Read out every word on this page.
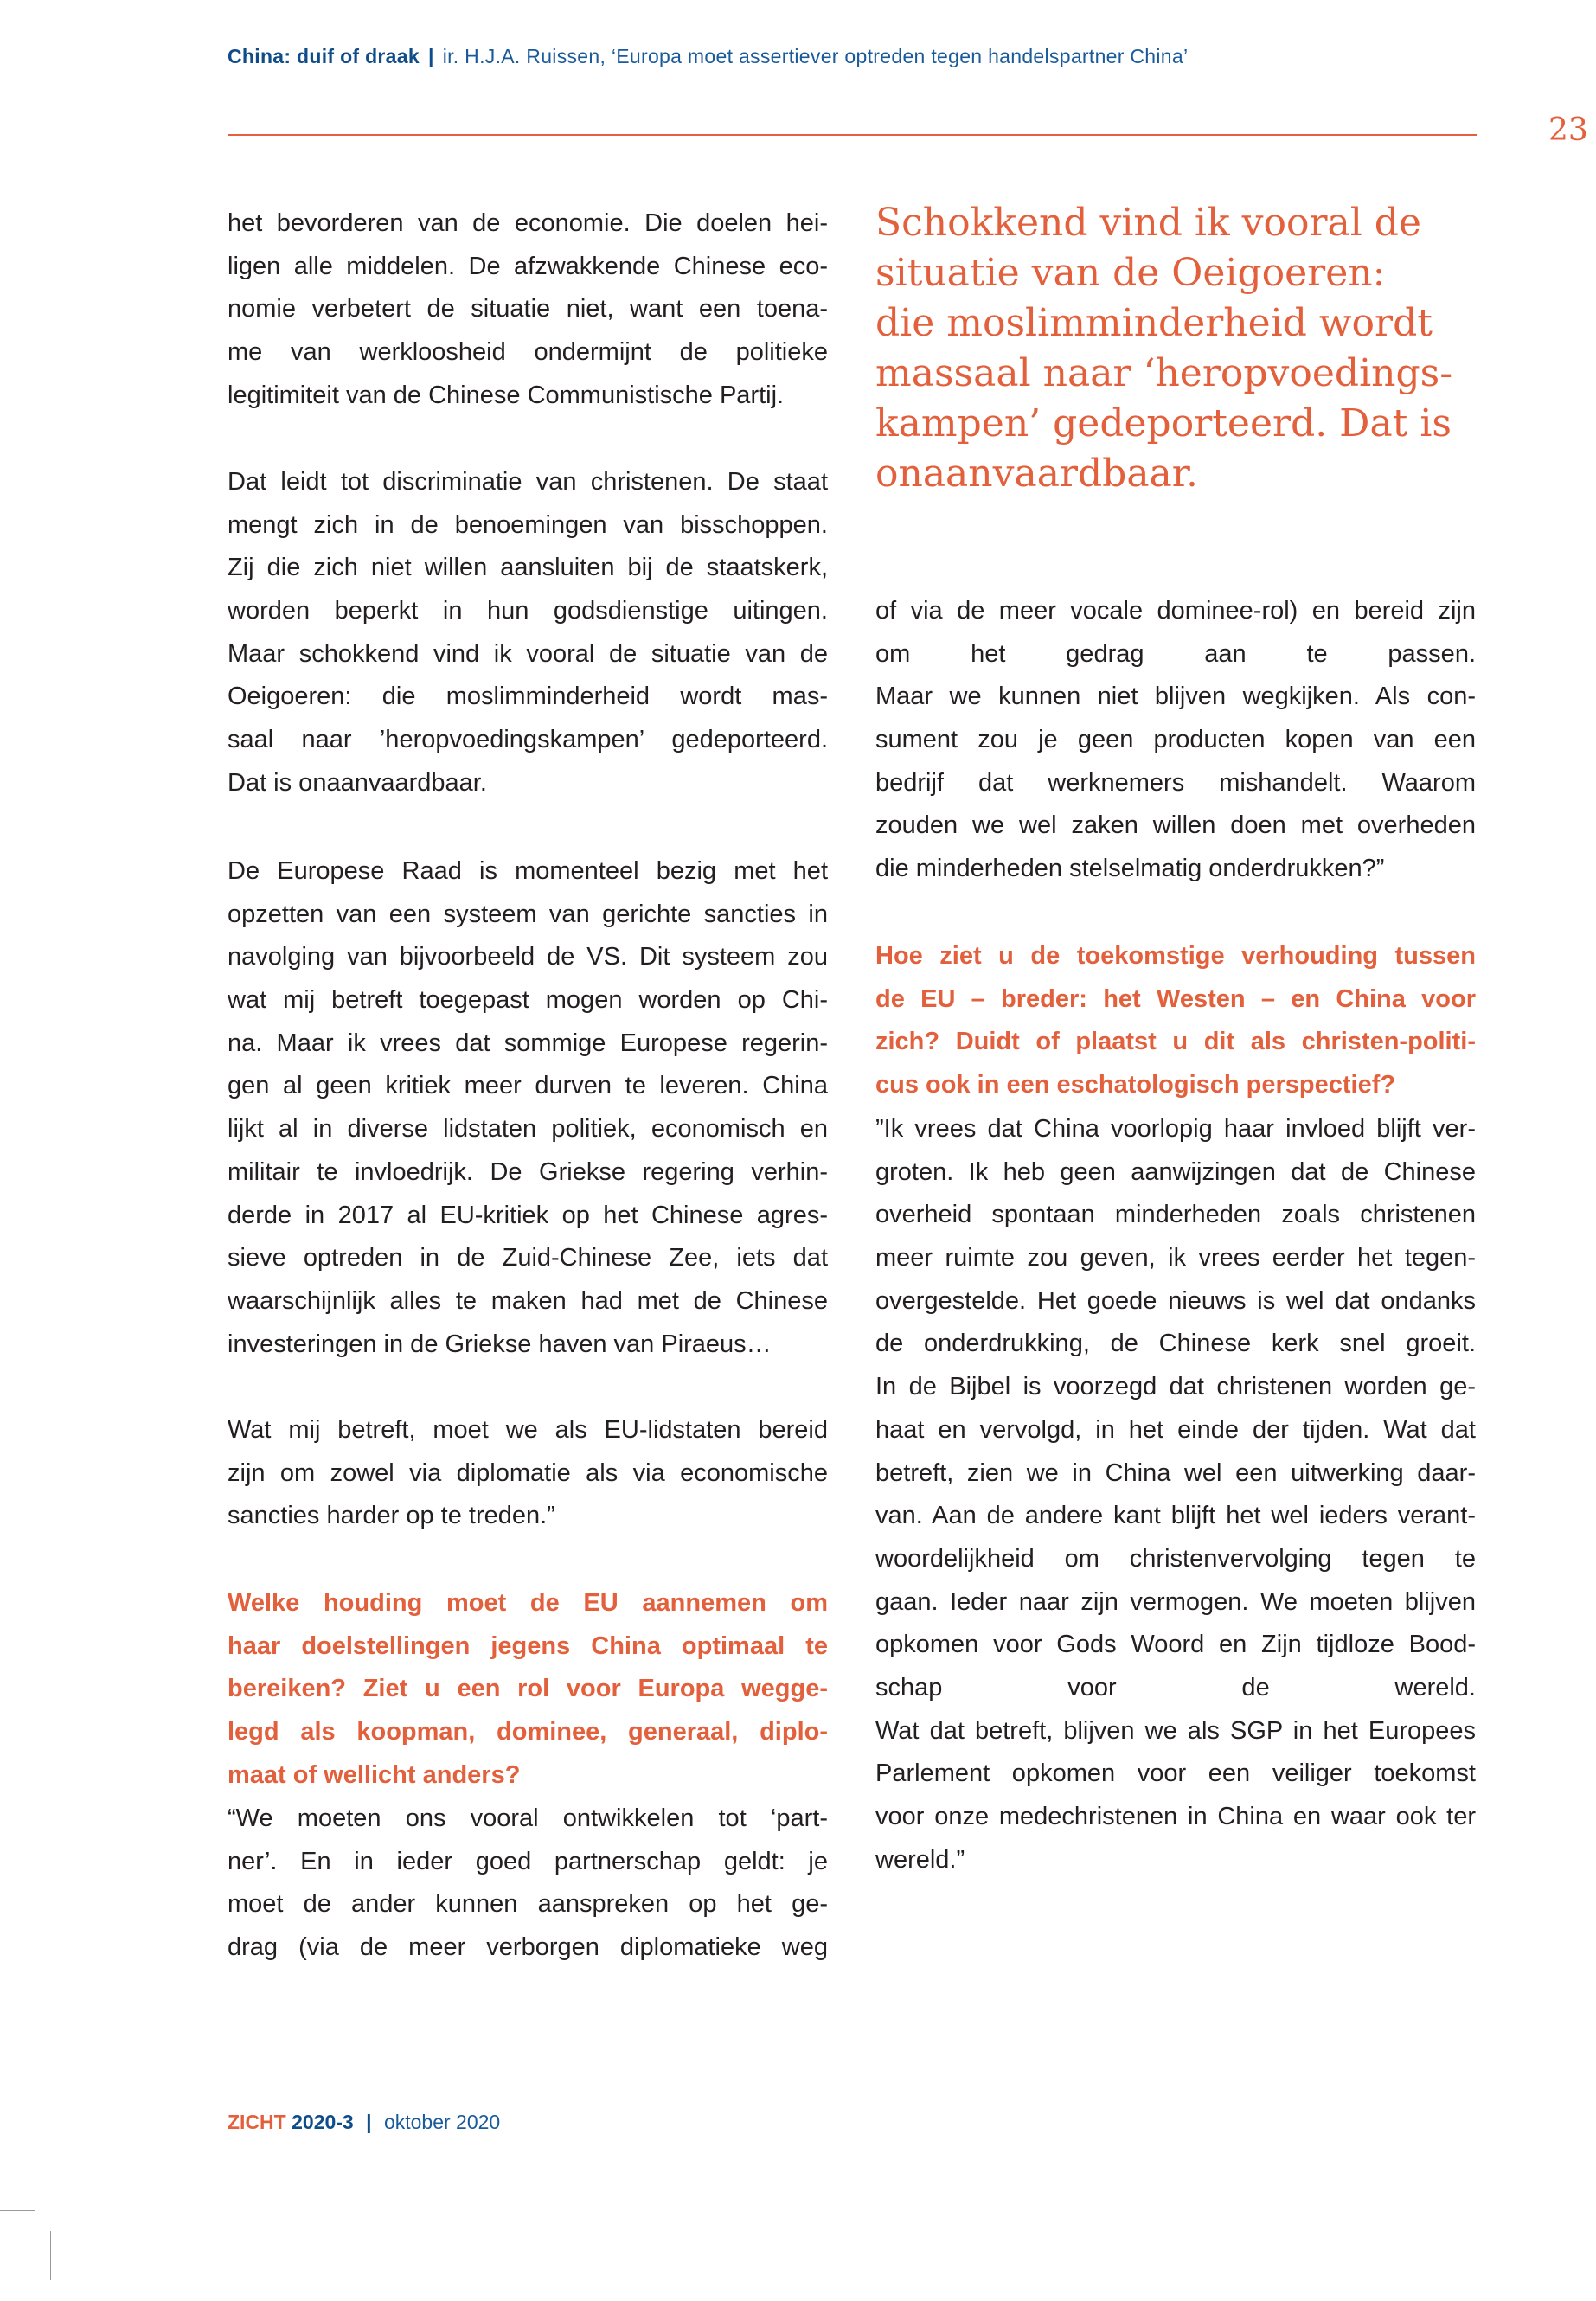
China: duif of draak | ir. H.J.A. Ruissen, ‘Europa moet assertiever optreden tegen handelspartner China’
23
het bevorderen van de economie. Die doelen hei-
ligen alle middelen. De afzwakkende Chinese eco-
nomie verbetert de situatie niet, want een toena-
me van werkloosheid ondermijnt de politieke
legitimiteit van de Chinese Communistische Partij.
Dat leidt tot discriminatie van christenen. De staat
mengt zich in de benoemingen van bisschoppen.
Zij die zich niet willen aansluiten bij de staatskerk,
worden beperkt in hun godsdienstige uitingen.
Maar schokkend vind ik vooral de situatie van de
Oeigoeren: die moslimminderheid wordt mas-
saal naar ’heropvoedingskampen’ gedeporteerd.
Dat is onaanvaardbaar.
De Europese Raad is momenteel bezig met het
opzetten van een systeem van gerichte sancties in
navolging van bijvoorbeeld de VS. Dit systeem zou
wat mij betreft toegepast mogen worden op Chi-
na. Maar ik vrees dat sommige Europese regerin-
gen al geen kritiek meer durven te leveren. China
lijkt al in diverse lidstaten politiek, economisch en
militair te invloedrijk. De Griekse regering verhin-
derde in 2017 al EU-kritiek op het Chinese agres-
sieve optreden in de Zuid-Chinese Zee, iets dat
waarschijnlijk alles te maken had met de Chinese
investeringen in de Griekse haven van Piraeus…
Wat mij betreft, moet we als EU-lidstaten bereid
zijn om zowel via diplomatie als via economische
sancties harder op te treden.”
Welke houding moet de EU aannemen om
haar doelstellingen jegens China optimaal te
bereiken? Ziet u een rol voor Europa wegge-
legd als koopman, dominee, generaal, diplo-
maat of wellicht anders?
“We moeten ons vooral ontwikkelen tot ‘part-
ner’. En in ieder goed partnerschap geldt: je
moet de ander kunnen aanspreken op het ge-
drag (via de meer verborgen diplomatieke weg
of via de meer vocale dominee-rol) en bereid zijn
om het gedrag aan te passen.
Maar we kunnen niet blijven wegkijken. Als con-
sument zou je geen producten kopen van een
bedrijf dat werknemers mishandelt. Waarom
zouden we wel zaken willen doen met overheden
die minderheden stelselmatig onderdrukken?”
Hoe ziet u de toekomstige verhouding tussen
de EU – breder: het Westen – en China voor
zich? Duidt of plaatst u dit als christen-politi-
cus ook in een eschatologisch perspectief?
”Ik vrees dat China voorlopig haar invloed blijft ver-
groten. Ik heb geen aanwijzingen dat de Chinese
overheid spontaan minderheden zoals christenen
meer ruimte zou geven, ik vrees eerder het tegen-
overgestelde. Het goede nieuws is wel dat ondanks
de onderdrukking, de Chinese kerk snel groeit.
In de Bijbel is voorzegd dat christenen worden ge-
haat en vervolgd, in het einde der tijden. Wat dat
betreft, zien we in China wel een uitwerking daar-
van. Aan de andere kant blijft het wel ieders verant-
woordelijkheid om christenvervolging tegen te
gaan. Ieder naar zijn vermogen. We moeten blijven
opkomen voor Gods Woord en Zijn tijdloze Bood-
schap voor de wereld.
Wat dat betreft, blijven we als SGP in het Europees
Parlement opkomen voor een veiliger toekomst
voor onze medechristenen in China en waar ook ter
wereld.”
Schokkend vind ik vooral de
situatie van de Oeigoeren:
die moslimminderheid wordt
massaal naar ‘heropvoedings-
kampen’ gedeporteerd. Dat is
onaanvaardbaar.
ZICHT 2020-3 | oktober 2020
